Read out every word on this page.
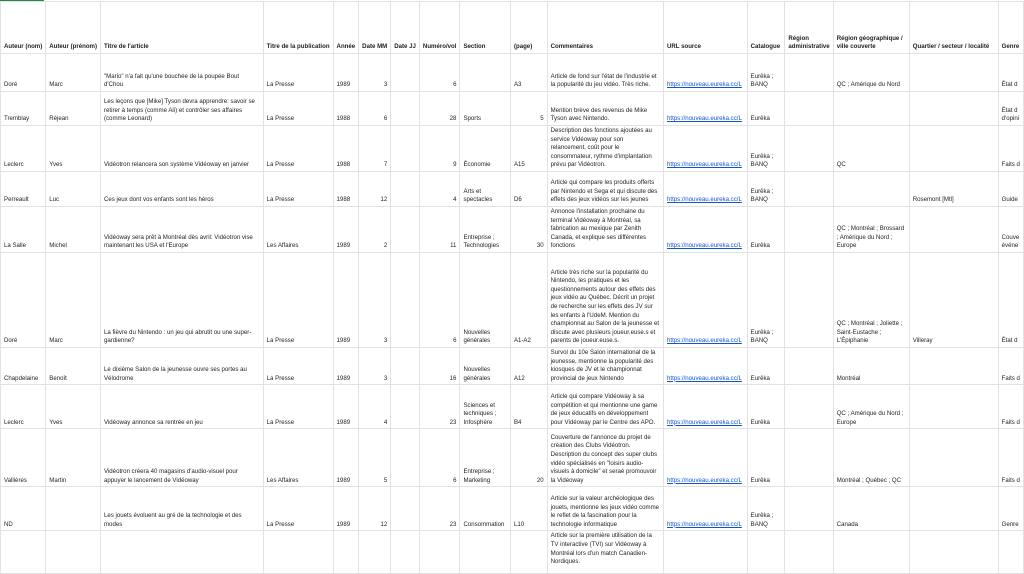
Auteur (nom)	Auteur (prénom)	Titre de l'article	Titre de la publication	Année	Date MM	Date JJ	Numéro/vol	Section	(page)	Commentaires	URL source	Catalogue	Région administrative	Région géographique / ville couverte	Quartier / secteur / localité	Genre
Doré	Marc	"Mario" n'a fait qu'une bouchée de la poupée Bout d'Chou	La Presse	1989	3		6		A3	Article de fond sur l'état de l'industrie et la popularité du jeu vidéo. Très riche.	https://nouveau.eureka.cc/L	Eurêka ; BANQ		QC ; Amérique du Nord		État d
Tremblay	Réjean	Les leçons que [Mike] Tyson devra apprendre: savoir se retirer à temps (comme Ali) et contrôler ses affaires (comme Leonard)	La Presse	1988	6		28	Sports	5	Mention brève des revenus de Mike Tyson avec Nintendo.	https://nouveau.eureka.cc/L	Eurêka				État d d'opini
Leclerc	Yves	Vidéotron relancera son système Vidéoway en janvier	La Presse	1988	7		9	Économie	A15	Description des fonctions ajoutées au service Vidéoway pour son relancement, coût pour le consommateur, rythme d'implantation prévu par Vidéotron.	https://nouveau.eureka.cc/L	Eurêka ; BANQ		QC		Faits d
Perreault	Luc	Ces jeux dont vos enfants sont les héros	La Presse	1988	12		4	Arts et spectacles	D6	Article qui compare les produits offerts par Nintendo et Sega et qui discute des effets des jeux vidéos sur les jeunes	https://nouveau.eureka.cc/L	Eurêka ; BANQ			Rosemont [Mtl]	Guide
La Salle	Michel	Vidéoway sera prêt à Montréal dès avril: Vidéotron vise maintenant les USA et l'Europe	Les Affaires	1989	2		11	Entreprise ; Technologies	30	Annonce l'installation prochaine du terminal Vidéoway à Montréal, sa fabrication au mexique par Zenith Canada, et explique ses différentes fonctions	https://nouveau.eureka.cc/L	Eurêka		QC ; Montréal ; Brossard ; Amérique du Nord ; Europe		Couve événe
Doré	Marc	La fièvre du Nintendo : un jeu qui abrutit ou une super-gardienne?	La Presse	1989	3		6	Nouvelles générales	A1-A2	Article très riche sur la popularité du Nintendo, les pratiques et les questionnements autour des effets des jeux vidéo au Québec. Décrit un projet de recherche sur les effets des JV sur les enfants à l'UdeM. Mention du championnat au Salon de la jeunesse et discute avec plusieurs joueur.euse.s et parents de joueur.euse.s.	https://nouveau.eureka.cc/L	Eurêka ; BANQ		QC ; Montréal ; Joliette ; Saint-Eustache ; L'Épiphanie	Villeray	État d
Chapdelaine	Benoît	Le dixième Salon de la jeunesse ouvre ses portes au Vélodrome	La Presse	1989	3		16	Nouvelles générales	A12	Survol du 10e Salon international de la jeunesse, mentionne la popularité des kiosques de JV et le championnat provincial de jeux Nintendo	https://nouveau.eureka.cc/L	Eurêka		Montréal		Faits d
Leclerc	Yves	Vidéoway annonce sa rentrée en jeu	La Presse	1989	4		23	Sciences et techniques ; Infosphère	B4	Article qui compare Vidéoway à sa compétition et qui mentionne une game de jeux éducatifs en développement pour Vidéoway par le Centre des APO.	https://nouveau.eureka.cc/L	Eurêka		QC ; Amérique du Nord ; Europe		Faits d
Vallières	Martin	Vidéotron créera 40 magasins d'audio-visuel pour appuyer le lancement de Vidéoway	Les Affaires	1989	5		6	Entreprise ; Marketing	20	Couverture de l'annonce du projet de création des Clubs Vidéotron. Description du concept des super clubs vidéo spécialisés en "loisirs audio-visuels à domicile" et seraé promouvoir la Vidéoway	https://nouveau.eureka.cc/L	Eurêka		Montréal ; Québec ; QC		Faits d
ND		Les jouets évoluent au gré de la technologie et des modes	La Presse	1989	12		23	Consommation	L10	Article sur la valeur archéologique des jouets, mentionne les jeux vidéo comme le reflet de la fascination pour la technologie informatique	https://nouveau.eureka.cc/L	Eurêka ; BANQ		Canada		Genre
										Article sur la première utilisation de la TV interactive (TVI) sur Vidéoway à Montréal lors d'un match Canadien-Nordiques.						
